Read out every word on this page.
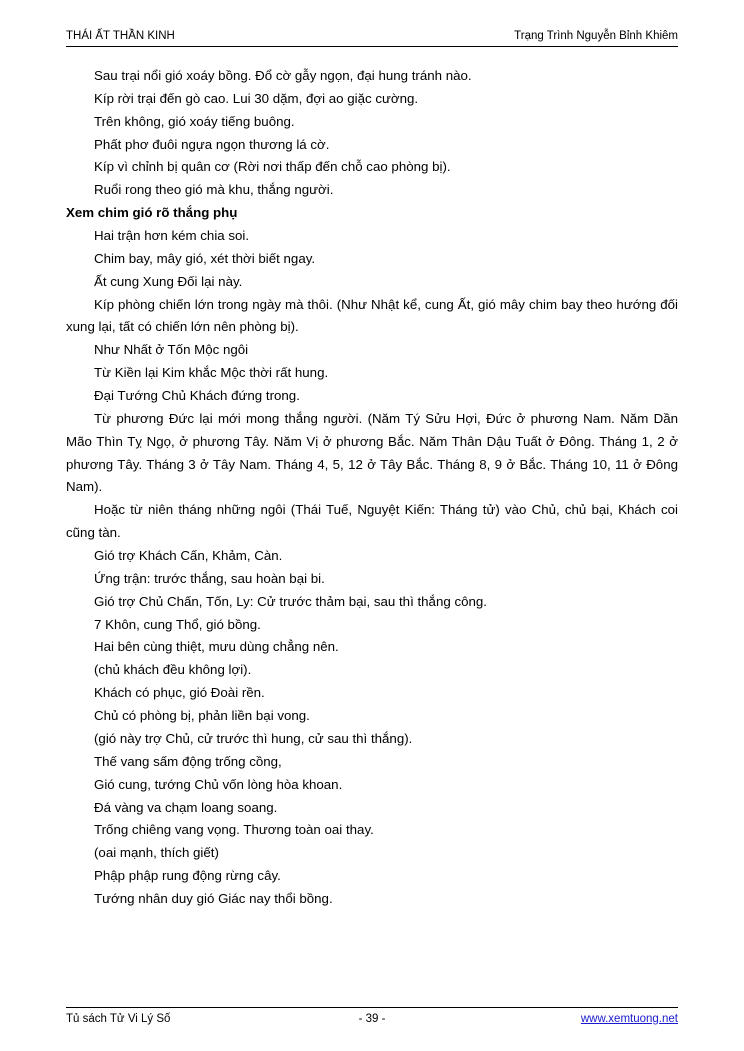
THÁI ẤT THẦN KINH	Trạng Trình Nguyễn Bỉnh Khiêm

Sau trại nổi gió xoáy bồng. Đổ cờ gẫy ngọn, đại hung tránh nào.

Kíp rời trại đến gò cao. Lui 30 dặm, đợi ao giặc cường.

Trên không, gió xoáy tiếng buông.

Phất phơ đuôi ngựa ngọn thương lá cờ.

Kíp vì chỉnh bị quân cơ (Rời nơi thấp đến chỗ cao phòng bị).

Ruổi rong theo gió mà khu, thắng người.

Xem chim gió rõ thắng phụ

Hai trận hơn kém chia soi.

Chim bay, mây gió, xét thời biết ngay.

Ất cung Xung Đối lại này.

Kíp phòng chiến lớn trong ngày mà thôi. (Như Nhật kể, cung Ất, gió mây chim bay theo hướng đối xung lại, tất có chiến lớn nên phòng bị).

Như Nhất ở Tốn Mộc ngôi

Từ Kiền lại Kim khắc Mộc thời rất hung.

Đại Tướng Chủ Khách đứng trong.

Từ phương Đức lại mới mong thắng người. (Năm Tý Sửu Hợi, Đức ở phương Nam. Năm Dần Mão Thìn Tỵ Ngọ, ở phương Tây. Năm Vị ở phương Bắc. Năm Thân Dậu Tuất ở Đông. Tháng 1, 2 ở phương Tây. Tháng 3 ở Tây Nam. Tháng 4, 5, 12 ở Tây Bắc. Tháng 8, 9 ở Bắc. Tháng 10, 11 ở Đông Nam).

Hoặc từ niên tháng những ngôi (Thái Tuế, Nguyệt Kiến: Tháng tử) vào Chủ, chủ bại, Khách coi cũng tàn.

Gió trợ Khách Cấn, Khảm, Càn.

Ứng trận: trước thắng, sau hoàn bại bi.

Gió trợ Chủ Chấn, Tốn, Ly: Cử trước thảm bại, sau thì thắng công.

7 Khôn, cung Thổ, gió bồng.

Hai bên cùng thiệt, mưu dùng chẳng nên.

(chủ khách đều không lợi).

Khách có phục, gió Đoài rền.

Chủ có phòng bị, phản liền bại vong.

(gió này trợ Chủ, cử trước thì hung, cử sau thì thắng).

Thế vang sấm động trống cồng,

Gió cung, tướng Chủ vốn lòng hòa khoan.

Đá vàng va chạm loang soang.

Trống chiêng vang vọng. Thương toàn oai thay.

(oai mạnh, thích giết)

Phập phập rung động rừng cây.

Tướng nhân duy gió Giác nay thổi bồng.

Tủ sách Tử Vi Lý Số	- 39 -	www.xemtuong.net
